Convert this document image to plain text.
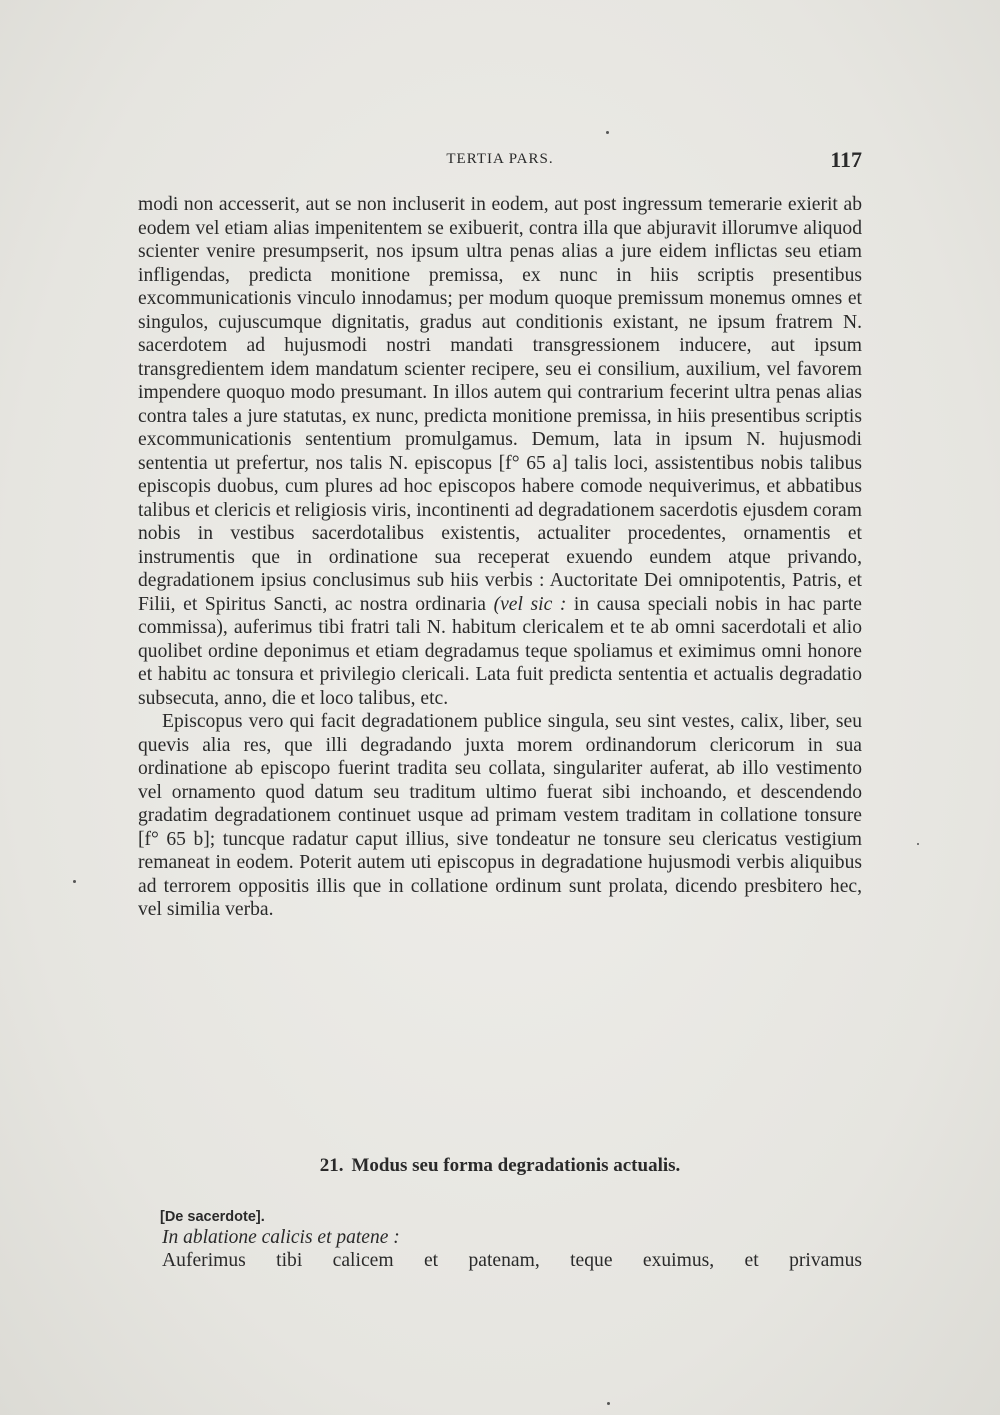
TERTIA PARS.	117

modi non accesserit, aut se non incluserit in eodem, aut post ingressum temerarie exierit ab eodem vel etiam alias impenitentem se exibuerit, contra illa que abjuravit illorumve aliquod scienter venire presumpserit, nos ipsum ultra penas alias a jure eidem inflictas seu etiam infligendas, predicta monitione premissa, ex nunc in hiis scriptis presentibus excommunicationis vinculo innodamus; per modum quoque premissum monemus omnes et singulos, cujuscumque dignitatis, gradus aut conditionis existant, ne ipsum fratrem N. sacerdotem ad hujusmodi nostri mandati transgressionem inducere, aut ipsum transgredientem idem mandatum scienter recipere, seu ei consilium, auxilium, vel favorem impendere quoquo modo presumant. In illos autem qui contrarium fecerint ultra penas alias contra tales a jure statutas, ex nunc, predicta monitione premissa, in hiis presentibus scriptis excommunicationis sententium promulgamus. Demum, lata in ipsum N. hujusmodi sententia ut prefertur, nos talis N. episcopus [f° 65 a] talis loci, assistentibus nobis talibus episcopis duobus, cum plures ad hoc episcopos habere comode nequiverimus, et abbatibus talibus et clericis et religiosis viris, incontinenti ad degradationem sacerdotis ejusdem coram nobis in vestibus sacerdotalibus existentis, actualiter procedentes, ornamentis et instrumentis que in ordinatione sua receperat exuendo eundem atque privando, degradationem ipsius conclusimus sub hiis verbis : Auctoritate Dei omnipotentis, Patris, et Filii, et Spiritus Sancti, ac nostra ordinaria (vel sic : in causa speciali nobis in hac parte commissa), auferimus tibi fratri tali N. habitum clericalem et te ab omni sacerdotali et alio quolibet ordine deponimus et etiam degradamus teque spoliamus et eximimus omni honore et habitu ac tonsura et privilegio clericali. Lata fuit predicta sententia et actualis degradatio subsecuta, anno, die et loco talibus, etc.

Episcopus vero qui facit degradationem publice singula, seu sint vestes, calix, liber, seu quevis alia res, que illi degradando juxta morem ordinandorum clericorum in sua ordinatione ab episcopo fuerint tradita seu collata, singulariter auferat, ab illo vestimento vel ornamento quod datum seu traditum ultimo fuerat sibi inchoando, et descendendo gradatim degradationem continuet usque ad primam vestem traditam in collatione tonsure [f° 65 b]; tuncque radatur caput illius, sive tondeatur ne tonsure seu clericatus vestigium remaneat in eodem. Poterit autem uti episcopus in degradatione hujusmodi verbis aliquibus ad terrorem oppositis illis que in collatione ordinum sunt prolata, dicendo presbitero hec, vel similia verba.

21. Modus seu forma degradationis actualis.
[De sacerdote].
In ablatione calicis et patene :
Auferimus tibi calicem et patenam, teque exuimus, et privamus
